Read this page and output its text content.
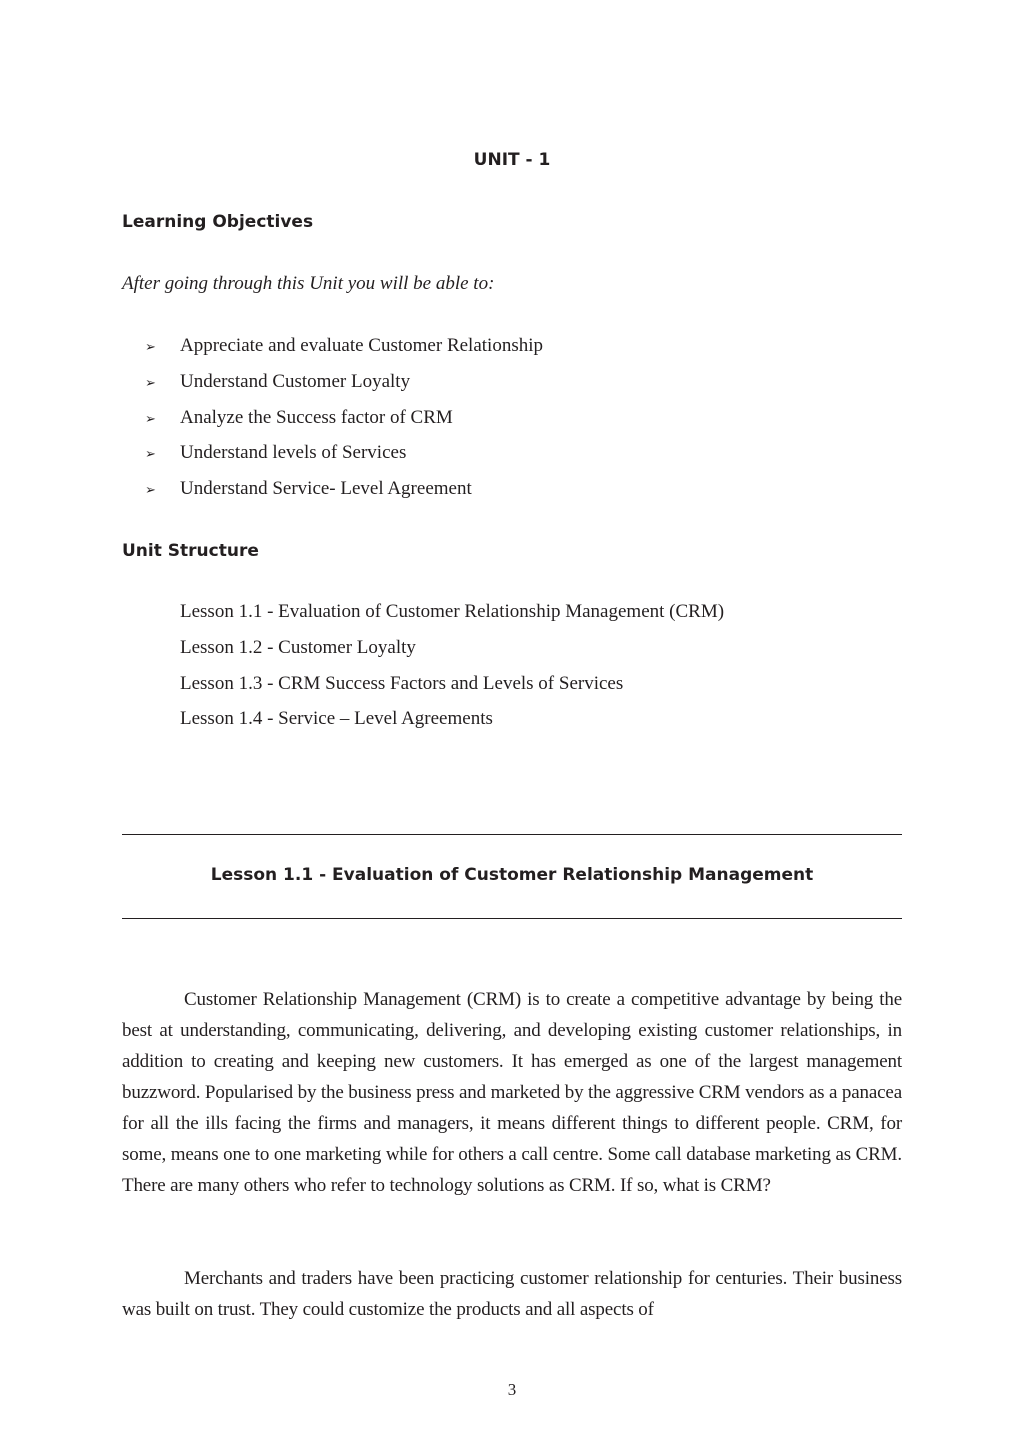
UNIT - 1
Learning Objectives
After going through this Unit you will be able to:
➢	Appreciate and evaluate Customer Relationship
➢	Understand Customer Loyalty
➢	Analyze the Success factor of CRM
➢	Understand levels of Services
➢	Understand Service- Level Agreement
Unit Structure
Lesson 1.1 - Evaluation of Customer Relationship Management (CRM)
Lesson 1.2 - Customer Loyalty
Lesson 1.3 - CRM Success Factors and Levels of Services
Lesson 1.4 - Service – Level Agreements
Lesson 1.1 - Evaluation of Customer Relationship Management

Customer Relationship Management (CRM) is to create a competitive advantage by being the best at understanding, communicating, delivering, and developing existing customer relationships, in addition to creating and keeping new customers. It has emerged as one of the largest management buzzword. Popularised by the business press and marketed by the aggressive CRM vendors as a panacea for all the ills facing the firms and managers, it means different things to different people. CRM, for some, means one to one marketing while for others a call centre. Some call database marketing as CRM. There are many others who refer to technology solutions as CRM. If so, what is CRM?

Merchants and traders have been practicing customer relationship for centuries. Their business was built on trust. They could customize the products and all aspects of

3
